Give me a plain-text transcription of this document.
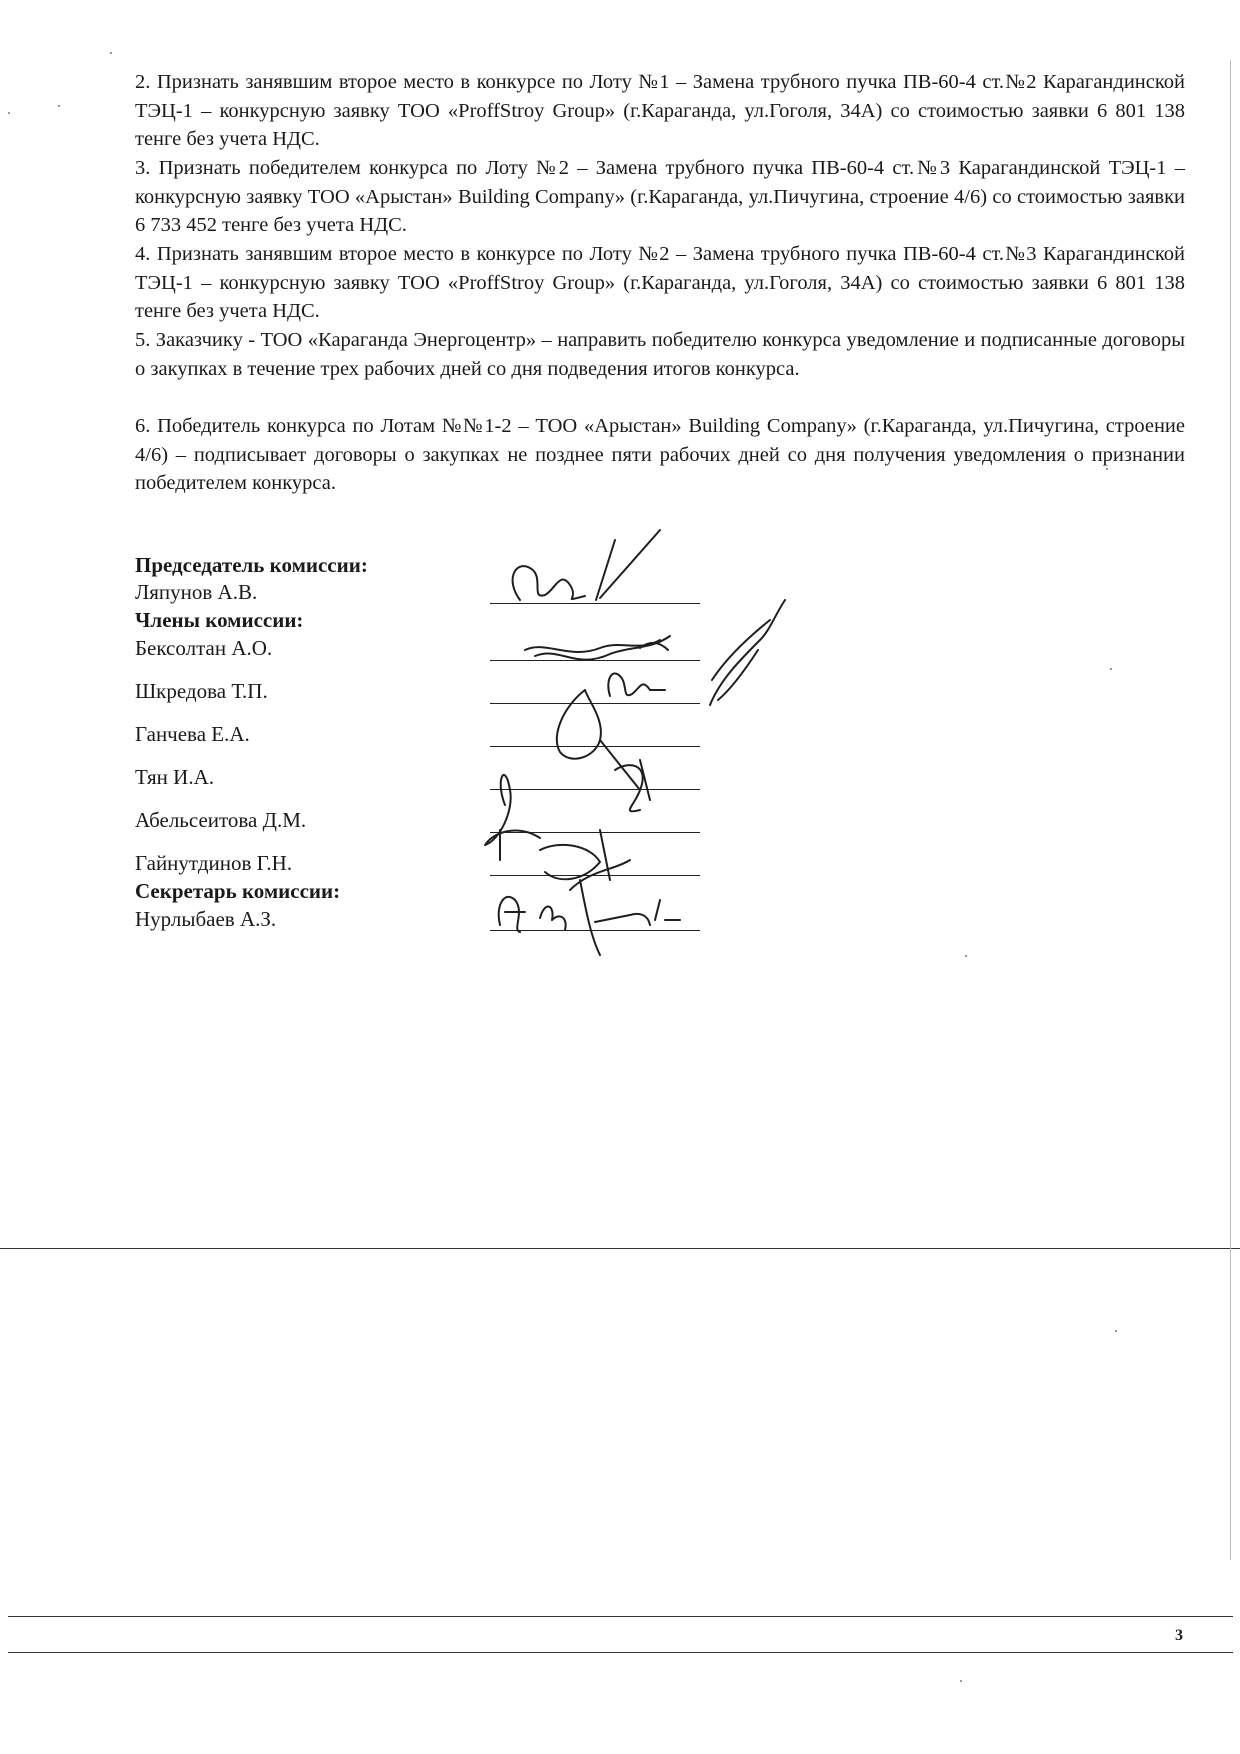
2. Признать занявшим второе место в конкурсе по Лоту №1 – Замена трубного пучка ПВ-60-4 ст.№2 Карагандинской ТЭЦ-1 – конкурсную заявку ТОО «ProffStroy Group» (г.Караганда, ул.Гоголя, 34А) со стоимостью заявки 6 801 138 тенге без учета НДС.

3. Признать победителем конкурса по Лоту №2 – Замена трубного пучка ПВ-60-4 ст.№3 Карагандинской ТЭЦ-1 – конкурсную заявку ТОО «Арыстан» Building Company» (г.Караганда, ул.Пичугина, строение 4/6) со стоимостью заявки 6 733 452 тенге без учета НДС.

4. Признать занявшим второе место в конкурсе по Лоту №2 – Замена трубного пучка ПВ-60-4 ст.№3 Карагандинской ТЭЦ-1 – конкурсную заявку ТОО «ProffStroy Group» (г.Караганда, ул.Гоголя, 34А) со стоимостью заявки 6 801 138 тенге без учета НДС.

5. Заказчику - ТОО «Караганда Энергоцентр» – направить победителю конкурса уведомление и подписанные договоры о закупках в течение трех рабочих дней со дня подведения итогов конкурса.

6. Победитель конкурса по Лотам №№1-2 – ТОО «Арыстан» Building Company» (г.Караганда, ул.Пичугина, строение 4/6) – подписывает договоры о закупках не позднее пяти рабочих дней со дня получения уведомления о признании победителем конкурса.

Председатель комиссии:
Ляпунов А.В.
Члены комиссии:
Бексолтан А.О.
Шкредова Т.П.
Ганчева Е.А.
Тян И.А.
Абельсеитова Д.М.
Гайнутдинов Г.Н.
Секретарь комиссии:
Нурлыбаев А.З.
3
